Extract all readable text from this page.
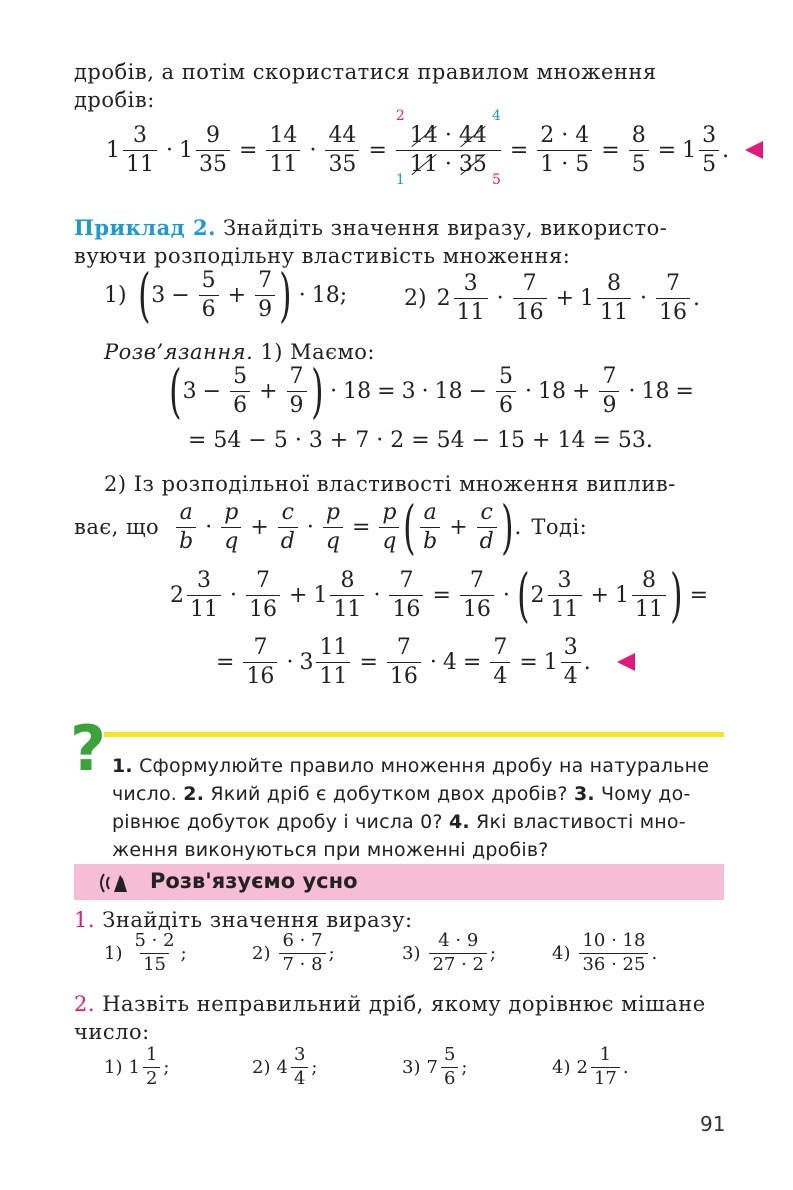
дробів, а потім скористатися правилом множення
дробів:
$1 \frac{3}{11} \cdot 1 \frac{9}{35} = \frac{14}{11} \cdot \frac{44}{35}$ =
14 · 44
11 · 35
2	4
1	5
= $\frac{2 \cdot 4}{1 \cdot 5} = \frac{8}{5} = 1 \frac{3}{5}$ .
Приклад 2. Знайдіть значення виразу, використо-
вуючи розподільну властивість множення:
1) ( $3 - \frac{5}{6} + \frac{7}{9}$ ) · 18 ;	2) $2 \frac{3}{11} \cdot \frac{7}{16} + 1 \frac{8}{11} \cdot \frac{7}{16}$ .
Розв’язання. 1) Маємо:
( $3 - \frac{5}{6} + \frac{7}{9}$ ) · $18 = 3 \cdot 18 - \frac{5}{6} \cdot 18 + \frac{7}{9} \cdot 18$ =
= 54 − 5 · 3 + 7 · 2 = 54 − 15 + 14 = 53.
2) Із розподільної властивості множення виплив-
ває, що $\frac{a}{b} \cdot \frac{p}{q} + \frac{c}{d} \cdot \frac{p}{q} = \frac{p}{q}$ ( $\frac{a}{b} + \frac{c}{d}$ ) . Тоді:
$2 \frac{3}{11} \cdot \frac{7}{16} + 1 \frac{8}{11} \cdot \frac{7}{16} = \frac{7}{16}$ · ( $2 \frac{3}{11} + 1 \frac{8}{11}$ ) =
= $\frac{7}{16} \cdot 3 \frac{11}{11} = \frac{7}{16} \cdot 4 = \frac{7}{4} = 1 \frac{3}{4}$ .
? 1. Сформулюйте правило множення дробу на натуральне
число. 2. Який дріб є добутком двох дробів? 3. Чому до-
рівнює добуток дробу і числа 0? 4. Які властивості мно-
ження виконуються при множенні дробів?
Розв'язуємо усно
1. Знайдіть значення виразу:
$1) \frac{5 \cdot 2}{15}$ ;	$2) \frac{6 \cdot 7}{7 \cdot 8}$ ;	$3) \frac{4 \cdot 9}{27 \cdot 2}$ ;	$4) \frac{10 \cdot 18}{36 \cdot 25}$ .
2. Назвіть неправильний дріб, якому дорівнює мішане
число:
1) $1 \frac{1}{2}$ ;	2) $4 \frac{3}{4}$ ;	3) $7 \frac{5}{6}$ ;	4) $2 \frac{1}{17}$ .
91
